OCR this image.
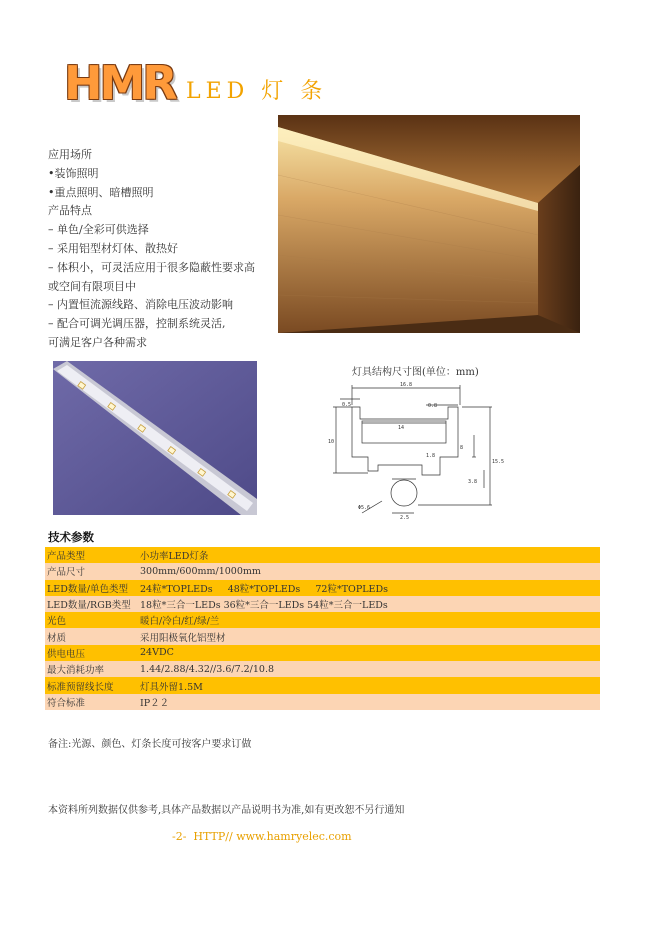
HMR LED 灯 条
应用场所
•装饰照明
•重点照明、暗槽照明
产品特点
– 单色/全彩可供选择
– 采用铝型材灯体、散热好
– 体积小，可灵活应用于很多隐蔽性要求高
或空间有限项目中
– 内置恒流源线路、消除电压波动影响
– 配合可调光调压器，控制系统灵活,
可满足客户各种需求
灯具结构尺寸图(单位：mm)
16.8
0.5	0.8
14
10
8
1.8
15.5
3.8
Φ5.6
2.5
技术参数
产品类型	小功率LED灯条
产品尺寸	300mm/600mm/1000mm
LED数量/单色类型	24粒*TOPLEDs     48粒*TOPLEDs     72粒*TOPLEDs
LED数量/RGB类型 18粒*三合一LEDs 36粒*三合一LEDs 54粒*三合一LEDs
光色	暖白/冷白/红/绿/兰
材质	采用阳极氧化铝型材
供电电压	24VDC
最大消耗功率	1.44/2.88/4.32//3.6/7.2/10.8
标准预留线长度	灯具外留1.5M
符合标准	IP２２
备注:光源、颜色、灯条长度可按客户要求订做
本资料所列数据仅供参考,具体产品数据以产品说明书为准,如有更改恕不另行通知
-2-  HTTP// www.hamryelec.com
